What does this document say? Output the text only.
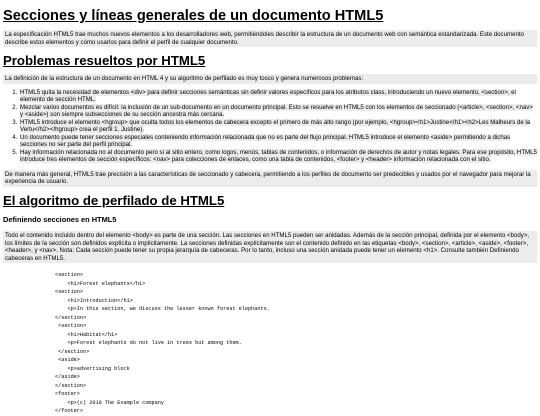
Secciones y líneas generales de un documento HTML5
La especificación HTML5 trae muchos nuevos elementos a los desarrolladores web, permitiéndoles describir la estructura de un documento web con semántica estandarizada. Este documento describe estos elementos y cómo usarlos para definir el perfil de cualquier documento.
Problemas resueltos por HTML5
La definición de la estructura de un documento en HTML 4 y su algoritmo de perfilado es muy tosco y genera numerosos problemas:
1. HTML5 quita la necesidad de elementos <div> para definir secciones semánticas sin definir valores específicos para los atributos class, introduciendo un nuevo elemento, <section>, el elemento de sección HTML.
2. Mezclar varios documentos es difícil: la inclusión de un sub-documento en un documento principal. Esto se resuelve en HTML5 con los elementos de seccionado (<article>, <section>, <nav> y <aside>) son siempre subsecciones de su sección ancestra más cercana.
3. HTML5 introduce el elemento <hgroup> que oculta todos los elementos de cabecera excepto el primero de más alto rango (por ejemplo, <hgroup><h1>Justine</h1><h2>Les Malheurs de la Vertu</h2></hgroup> crea el perfil 1. Justine).
4. Un documento puede tener secciones especiales conteniendo información relacionada que no es parte del flujo principal. HTML5 introduce el elemento <aside> permitiendo a dichas secciones no ser parte del perfil principal.
5. Hay información relacionada no al documento pero si al sitio entero, como logos, menús, tablas de contenidos, o información de derechos de autor y notas legales. Para ese propósito, HTML5 introduce tres elementos de sección específicos: <nav> para colecciones de enlaces, como una tabla de contenidos, <footer> y <header> información relacionada con el sitio.
De manera más general, HTML5 trae precisión a las características de seccionado y cabecera, permitiendo a los perfiles de documento ser predecibles y usados por el navegador para mejorar la experiencia de usuario.
El algoritmo de perfilado de HTML5
Definiendo secciones en HTML5
Todo el contenido incluido dentro del elemento <body> es parte de una sección. Las secciones en HTML5 pueden ser anidadas. Además de la sección principal, definida por el elemento <body>, los límites de la sección son definidos explícita o implícitamente. La secciones definidas explícitamente son el contenido definido en las etiquetas <body>, <section>, <article>, <aside>, <footer>, <header>, y <nav>. Nota: Cada sección puede tener su propia jerarquía de cabeceras. Por lo tanto, incluso una sección anidada puede tener un elemento <h1>. Consulte también Definiendo cabeceras en HTML5.
<section>
<h1>Forest elephants</h1>
<section>
<h1>Introduction</h1>
<p>In this section, we discuss the lesser known forest elephants.
</section>
<section>
<h1>Habitat</h1>
<p>Forest elephants do not live in trees but among them.
</section>
<aside>
<p>advertising block
</aside>
</section>
<footer>
<p>(c) 2010 The Example company
</footer>
